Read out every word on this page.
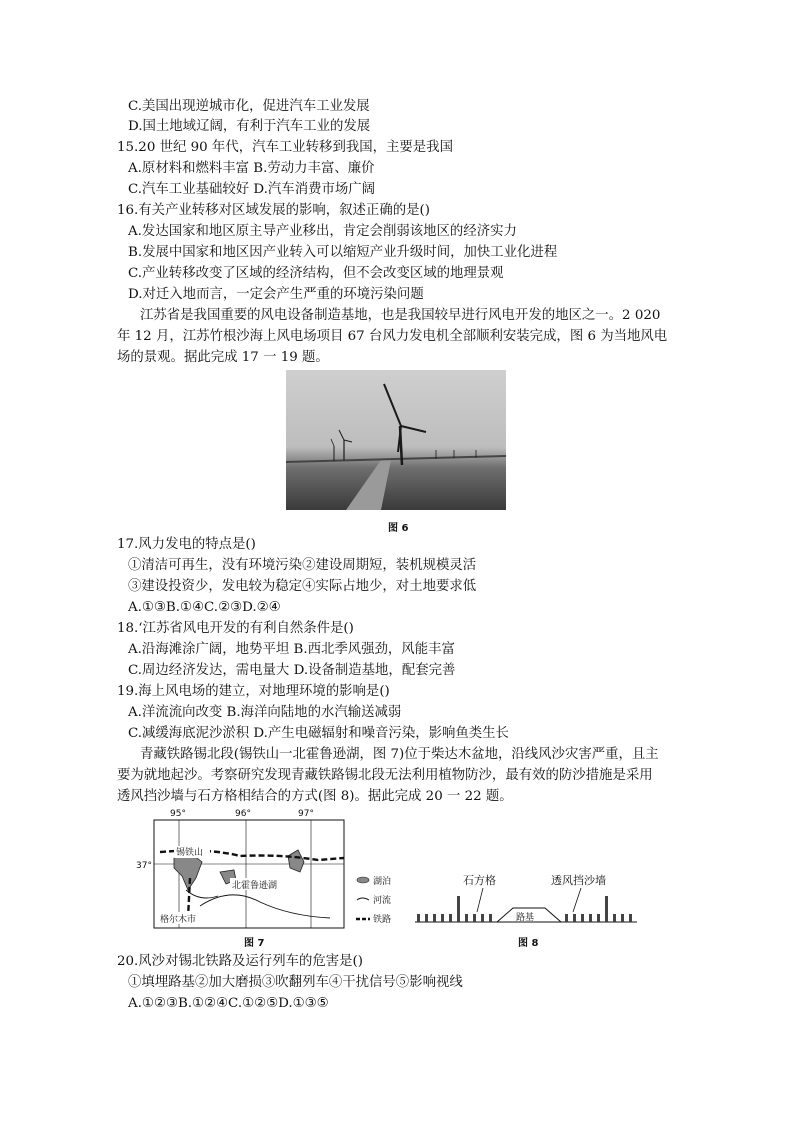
C.美国出现逆城市化，促进汽车工业发展
D.国土地域辽阔，有利于汽车工业的发展
15.20 世纪 90 年代，汽车工业转移到我国，主要是我国
A.原材料和燃料丰富 B.劳动力丰富、廉价
C.汽车工业基础较好 D.汽车消费市场广阔
16.有关产业转移对区域发展的影响，叙述正确的是()
A.发达国家和地区原主导产业移出，肯定会削弱该地区的经济实力
B.发展中国家和地区因产业转入可以缩短产业升级时间，加快工业化进程
C.产业转移改变了区域的经济结构，但不会改变区域的地理景观
D.对迁入地而言，一定会产生严重的环境污染问题
江苏省是我国重要的风电设备制造基地，也是我国较早进行风电开发的地区之一。2 020
年 12 月，江苏竹根沙海上风电场项目 67 台风力发电机全部顺利安装完成，图 6 为当地风电
场的景观。据此完成 17 一 19 题。
17.风力发电的特点是()
①清洁可再生，没有环境污染②建设周期短，装机规模灵活
③建设投资少，发电较为稳定④实际占地少，对土地要求低
A.①③B.①④C.②③D.②④
18.‘江苏省风电开发的有利自然条件是()
A.沿海滩涂广阔，地势平坦 B.西北季风强劲，风能丰富
C.周边经济发达，需电量大 D.设备制造基地，配套完善
19.海上风电场的建立，对地理环境的影响是()
A.洋流流向改变 B.海洋向陆地的水汽输送减弱
C.减缓海底泥沙淤积 D.产生电磁辐射和噪音污染，影响鱼类生长
青藏铁路锡北段(锡铁山一北霍鲁逊湖，图 7)位于柴达木盆地，沿线风沙灾害严重，且主
要为就地起沙。考察研究发现青藏铁路锡北段无法利用植物防沙，最有效的防沙措施是采用
透风挡沙墙与石方格相结合的方式(图 8)。据此完成 20 一 22 题。
20.风沙对锡北铁路及运行列车的危害是()
①填埋路基②加大磨损③吹翻列车④干扰信号⑤影响视线
A.①②③B.①②④C.①②⑤D.①③⑤
图 6
95°	96°	97°
37°
锡铁山
北霍鲁逊湖
格尔木市
湖泊
河流
铁路
图 7
路基
石方格	透风挡沙墙
图 8
